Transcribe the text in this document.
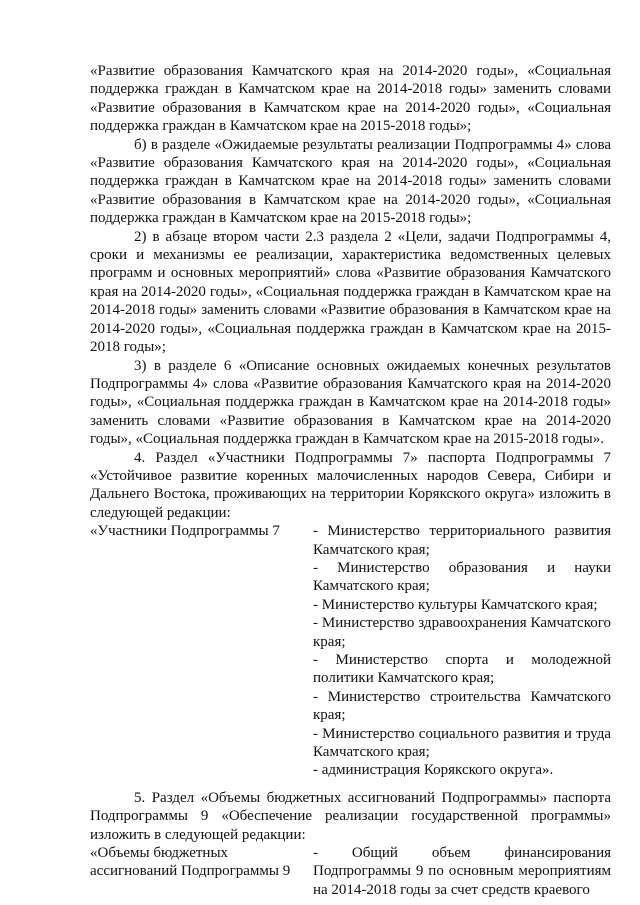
«Развитие образования Камчатского края на 2014-2020 годы», «Социальная поддержка граждан в Камчатском крае на 2014-2018 годы» заменить словами «Развитие образования в Камчатском крае на 2014-2020 годы», «Социальная поддержка граждан в Камчатском крае на 2015-2018 годы»;

б) в разделе «Ожидаемые результаты реализации Подпрограммы 4» слова «Развитие образования Камчатского края на 2014-2020 годы», «Социальная поддержка граждан в Камчатском крае на 2014-2018 годы» заменить словами «Развитие образования в Камчатском крае на 2014-2020 годы», «Социальная поддержка граждан в Камчатском крае на 2015-2018 годы»;

2) в абзаце втором части 2.3 раздела 2 «Цели, задачи Подпрограммы 4, сроки и механизмы ее реализации, характеристика ведомственных целевых программ и основных мероприятий» слова «Развитие образования Камчатского края на 2014-2020 годы», «Социальная поддержка граждан в Камчатском крае на 2014-2018 годы» заменить словами «Развитие образования в Камчатском крае на 2014-2020 годы», «Социальная поддержка граждан в Камчатском крае на 2015-2018 годы»;

3) в разделе 6 «Описание основных ожидаемых конечных результатов Подпрограммы 4» слова «Развитие образования Камчатского края на 2014-2020 годы», «Социальная поддержка граждан в Камчатском крае на 2014-2018 годы» заменить словами «Развитие образования в Камчатском крае на 2014-2020 годы», «Социальная поддержка граждан в Камчатском крае на 2015-2018 годы».

4. Раздел «Участники Подпрограммы 7» паспорта Подпрограммы 7 «Устойчивое развитие коренных малочисленных народов Севера, Сибири и Дальнего Востока, проживающих на территории Корякского округа» изложить в следующей редакции:

«Участники Подпрограммы 7	- Министерство территориального развития Камчатского края;

- Министерство образования и науки Камчатского края;

- Министерство культуры Камчатского края;

- Министерство здравоохранения Камчатского края;

- Министерство спорта и молодежной политики Камчатского края;

- Министерство строительства Камчатского края;

- Министерство социального развития и труда Камчатского края;

- администрация Корякского округа».

5. Раздел «Объемы бюджетных ассигнований Подпрограммы» паспорта Подпрограммы 9 «Обеспечение реализации государственной программы» изложить в следующей редакции:

«Объемы бюджетных ассигнований Подпрограммы 9

- Общий объем финансирования Подпрограммы 9 по основным мероприятиям на 2014-2018 годы за счет средств краевого
